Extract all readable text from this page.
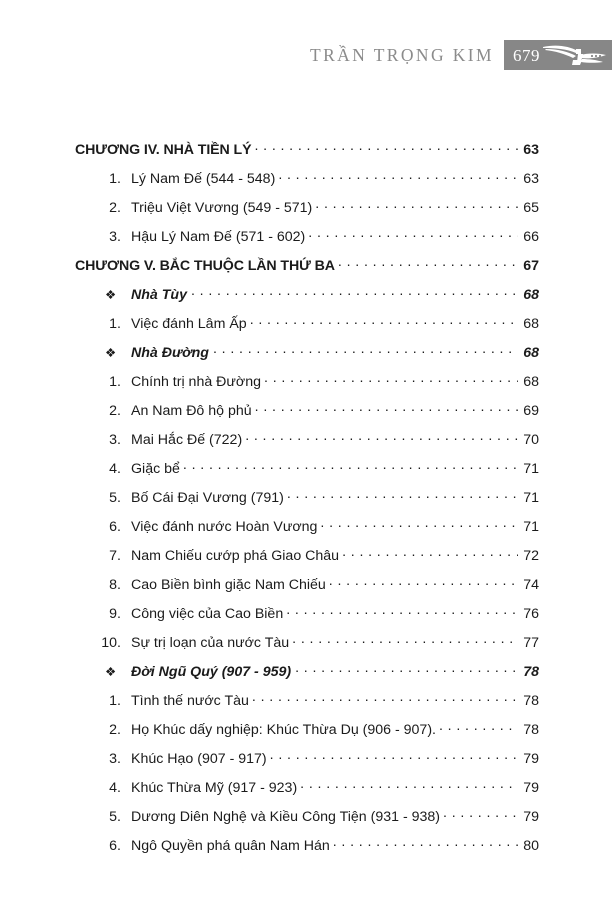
TRẦN TRỌNG KIM	679
CHƯƠNG IV. NHÀ TIỀN LÝ . . .	63
1. Lý Nam Đế (544 - 548) . . .	63
2. Triệu Việt Vương (549 - 571) . . .	65
3. Hậu Lý Nam Đế (571 - 602) . . .	66
CHƯƠNG V. BẮC THUỘC LẦN THỨ BA . . .	67
❖	Nhà Tùy . . .	68
1. Việc đánh Lâm Ấp . . .	68
❖	Nhà Đường . . .	68
1. Chính trị nhà Đường . . .	68
2. An Nam Đô hộ phủ . . .	69
3. Mai Hắc Đế (722) . . .	70
4. Giặc bể . . .	71
5. Bố Cái Đại Vương (791) . . .	71
6. Việc đánh nước Hoàn Vương . . .	71
7. Nam Chiếu cướp phá Giao Châu . . .	72
8. Cao Biền bình giặc Nam Chiếu . . .	74
9. Công việc của Cao Biền . . .	76
10. Sự trị loạn của nước Tàu . . .	77
❖	Đời Ngũ Quý (907 - 959) . . .	78
1. Tình thế nước Tàu . . .	78
2. Họ Khúc dấy nghiệp: Khúc Thừa Dụ (906 - 907). . . .	78
3. Khúc Hạo (907 - 917) . . .	79
4. Khúc Thừa Mỹ (917 - 923) . . .	79
5. Dương Diên Nghệ và Kiều Công Tiện (931 - 938) . . .	79
6. Ngô Quyền phá quân Nam Hán . . .	80
